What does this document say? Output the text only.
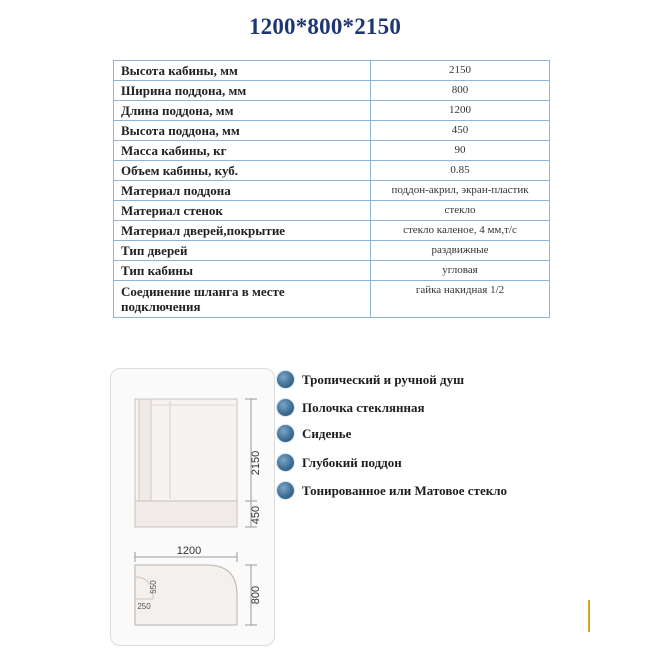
1200*800*2150
Высота кабины, мм	2150
Ширина поддона, мм	800
Длина поддона, мм	1200
Высота поддона, мм	450
Масса кабины, кг	90
Объем кабины, куб.	0.85
Материал поддона	поддон-акрил, экран-пластик
Материал стенок	стекло
Материал дверей,покрытие	стекло каленое, 4 мм,т/с
Тип дверей	раздвижные
Тип кабины	угловая
Соединение шланга в месте подключения	гайка накидная 1/2
2150
450
1200
550
250
800
Тропический и ручной душ
Полочка стеклянная
Сиденье
Глубокий поддон
Тонированное или Матовое стекло
